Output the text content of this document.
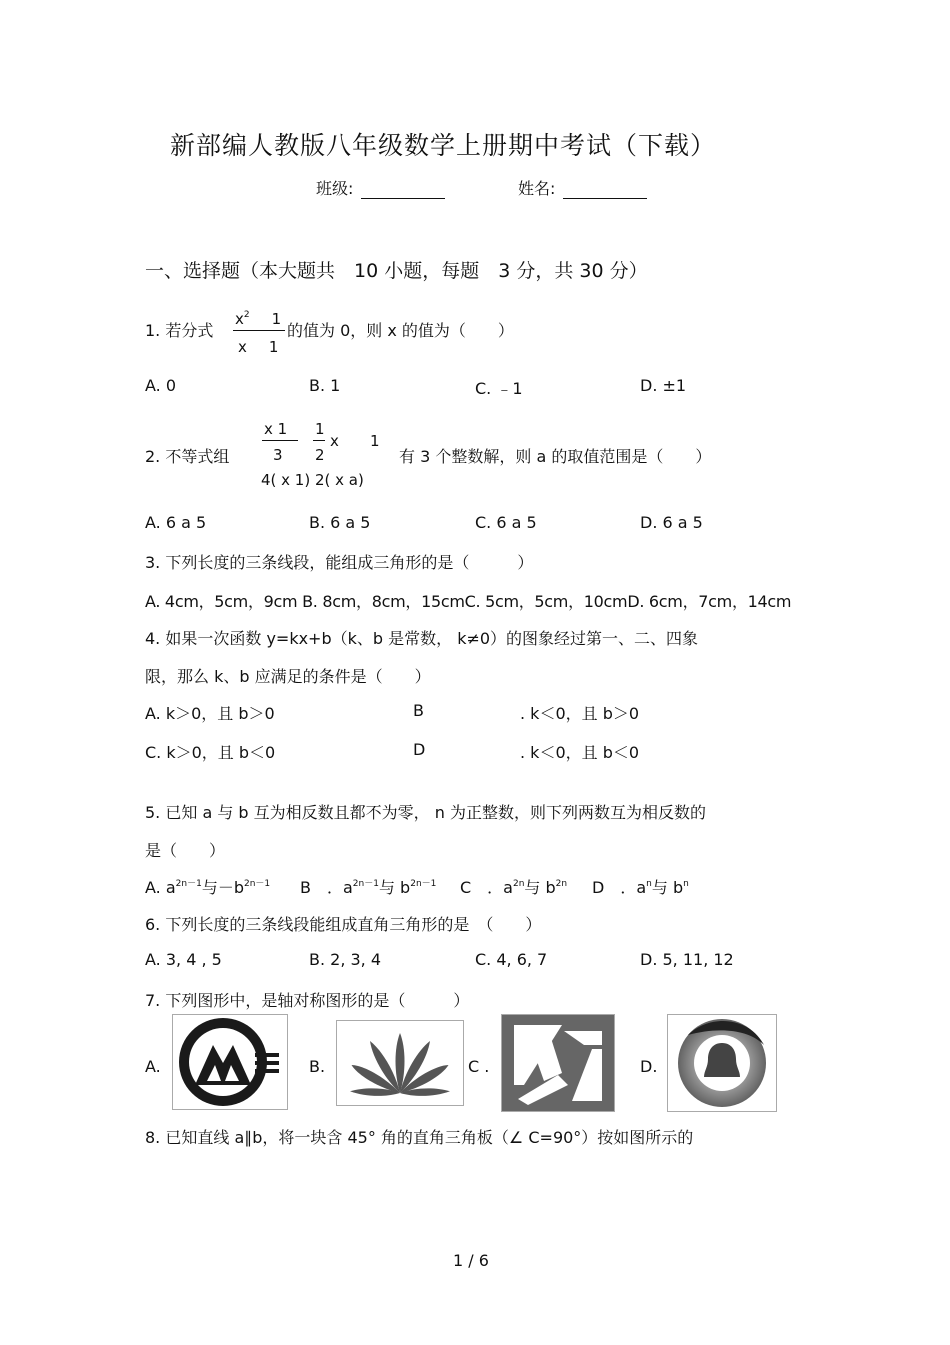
新部编人教版八年级数学上册期中考试（下载）
班级:	姓名:
一、选择题（本大题共　10 小题，每题　3 分，共 30 分）
1. 若分式
$x^2$ 1
x 1
的值为 0，则 x 的值为（　　）
A. 0	B. 1	C. ﹣1	D. ±1
2. 不等式组
x 1
3
1
2
x 1
4( x 1) 2( x a)
有 3 个整数解，则 a 的取值范围是（　　）
A. 6 a 5	B. 6 a 5	C. 6 a 5	D. 6 a 5
3. 下列长度的三条线段，能组成三角形的是（　　　）
A. 4cm，5cm，9cm B. 8cm，8cm，15cmC. 5cm，5cm，10cmD. 6cm，7cm，14cm
4. 如果一次函数 y=kx+b（k、b 是常数， k≠0）的图象经过第一、二、四象
限，那么 k、b 应满足的条件是（　　）
A. k＞0，且 b＞0	B	. k＜0，且 b＞0
C. k＞0，且 b＜0	D	. k＜0，且 b＜0
5. 已知 a 与 b 互为相反数且都不为零， n 为正整数，则下列两数互为相反数的
是（　　）
A. $a^{2n-1}$与$-b^{2n-1}$ B　．$a^{2n-1}$与 $b^{2n-1}$ C　．$a^{2n}$与 $b^{2n}$ D　．$a^n$与 $b^n$
6. 下列长度的三条线段能组成直角三角形的是　（　　）
A. 3, 4 , 5	B. 2, 3, 4	C. 4, 6, 7	D. 5, 11, 12
7. 下列图形中，是轴对称图形的是（　　　）
A.	B.	C .	D.
8. 已知直线 a∥b，将一块含 45° 角的直角三角板（∠ C=90°）按如图所示的
1 / 6
